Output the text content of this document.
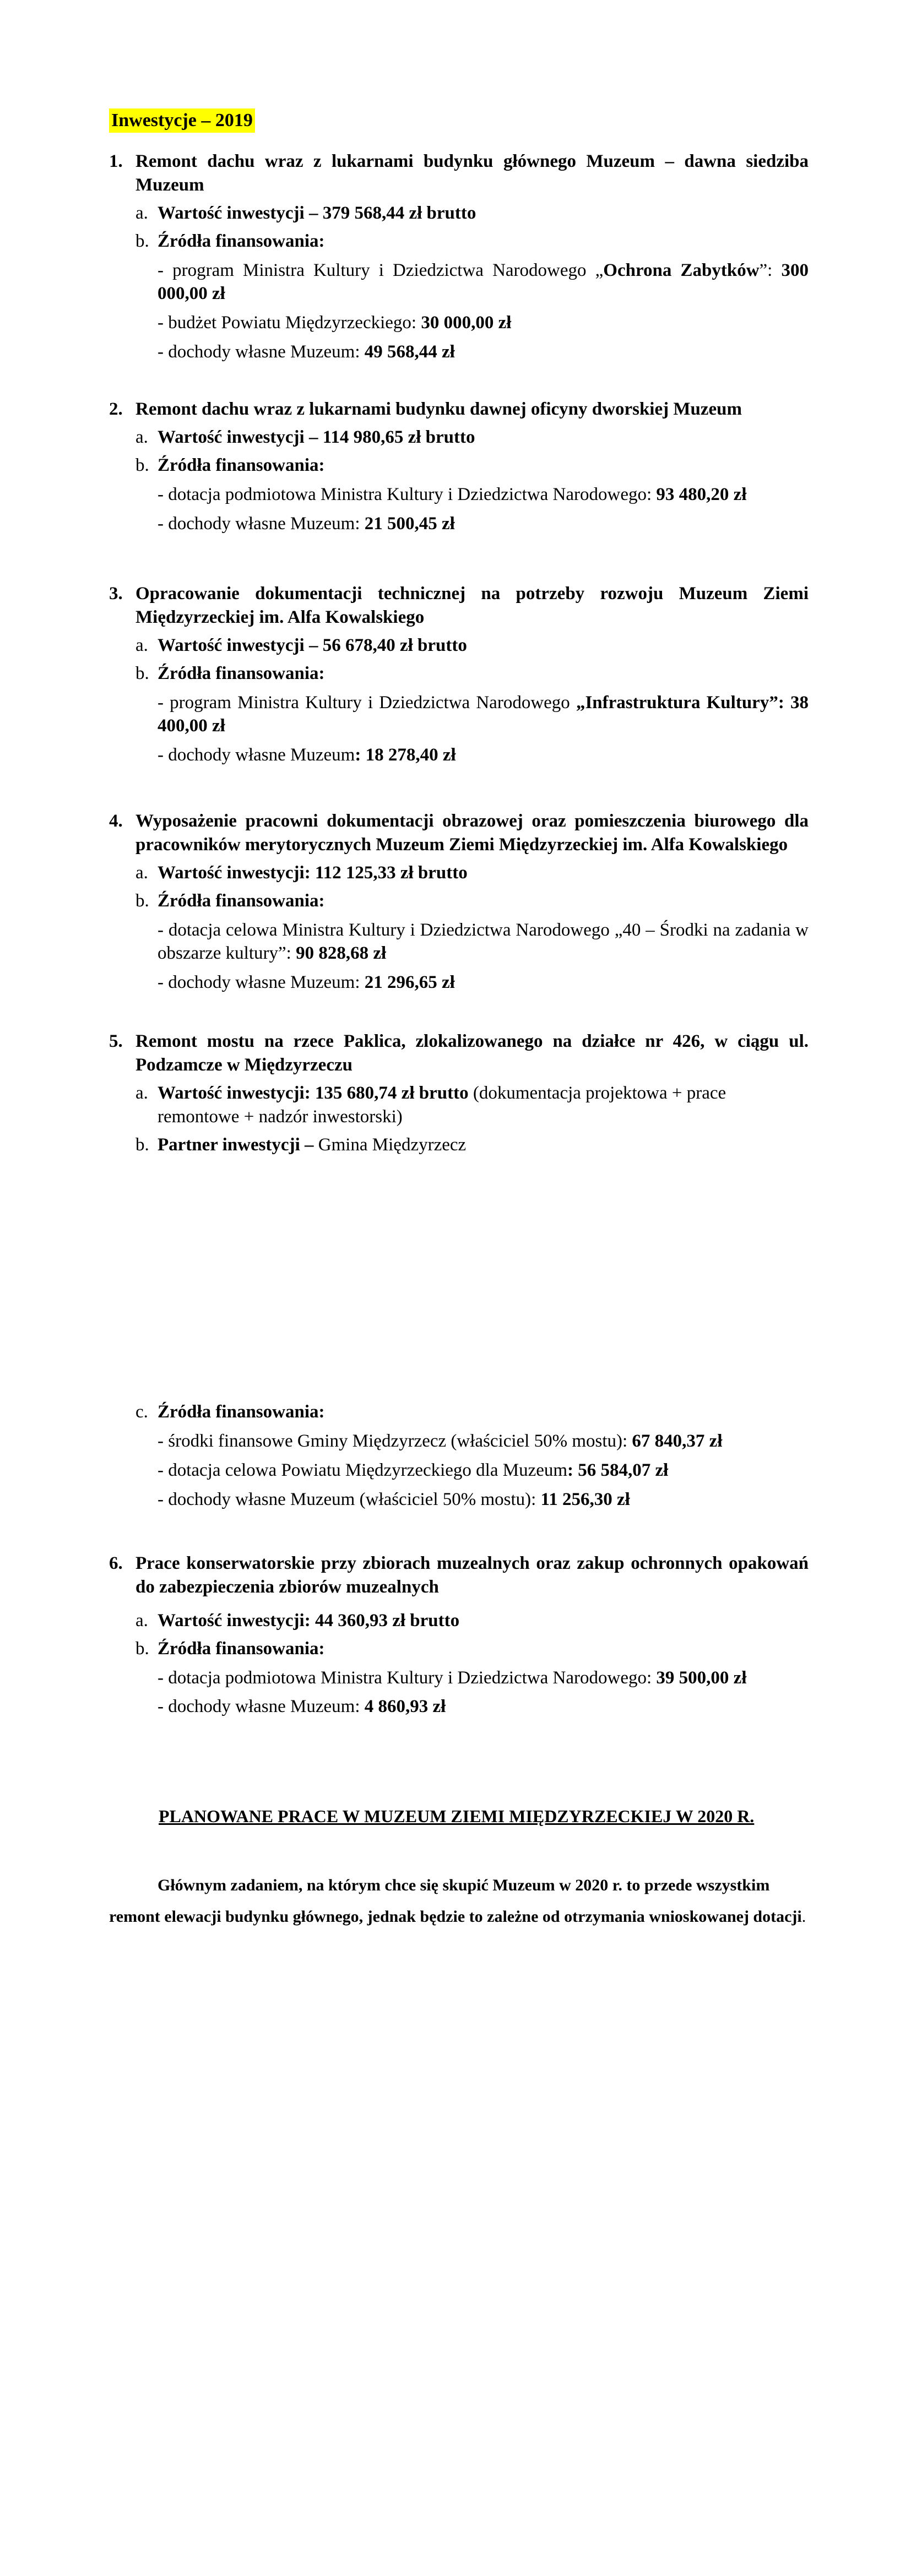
Inwestycje – 2019
1. Remont dachu wraz z lukarnami budynku głównego Muzeum – dawna siedziba Muzeum
a. Wartość inwestycji – 379 568,44 zł brutto
b. Źródła finansowania:
- program Ministra Kultury i Dziedzictwa Narodowego „Ochrona Zabytków”: 300 000,00 zł
- budżet Powiatu Międzyrzeckiego: 30 000,00 zł
- dochody własne Muzeum: 49 568,44 zł
2. Remont dachu wraz z lukarnami budynku dawnej oficyny dworskiej Muzeum
a. Wartość inwestycji – 114 980,65 zł brutto
b. Źródła finansowania:
- dotacja podmiotowa Ministra Kultury i Dziedzictwa Narodowego: 93 480,20 zł
- dochody własne Muzeum: 21 500,45 zł
3. Opracowanie dokumentacji technicznej na potrzeby rozwoju Muzeum Ziemi Międzyrzeckiej im. Alfa Kowalskiego
a. Wartość inwestycji – 56 678,40 zł brutto
b. Źródła finansowania:
- program Ministra Kultury i Dziedzictwa Narodowego „Infrastruktura Kultury”: 38 400,00 zł
- dochody własne Muzeum: 18 278,40 zł
4. Wyposażenie pracowni dokumentacji obrazowej oraz pomieszczenia biurowego dla pracowników merytorycznych Muzeum Ziemi Międzyrzeckiej im. Alfa Kowalskiego
a. Wartość inwestycji: 112 125,33 zł brutto
b. Źródła finansowania:
- dotacja celowa Ministra Kultury i Dziedzictwa Narodowego „40 – Środki na zadania w obszarze kultury”: 90 828,68 zł
- dochody własne Muzeum: 21 296,65 zł
5. Remont mostu na rzece Paklica, zlokalizowanego na działce nr 426, w ciągu ul. Podzamcze w Międzyrzeczu
a. Wartość inwestycji: 135 680,74 zł brutto (dokumentacja projektowa + prace remontowe + nadzór inwestorski)
b. Partner inwestycji – Gmina Międzyrzecz
c. Źródła finansowania:
- środki finansowe Gminy Międzyrzecz (właściciel 50% mostu): 67 840,37 zł
- dotacja celowa Powiatu Międzyrzeckiego dla Muzeum: 56 584,07 zł
- dochody własne Muzeum (właściciel 50% mostu): 11 256,30 zł
6. Prace konserwatorskie przy zbiorach muzealnych oraz zakup ochronnych opakowań do zabezpieczenia zbiorów muzealnych
a. Wartość inwestycji: 44 360,93 zł brutto
b. Źródła finansowania:
- dotacja podmiotowa Ministra Kultury i Dziedzictwa Narodowego: 39 500,00 zł
- dochody własne Muzeum: 4 860,93 zł
PLANOWANE PRACE W MUZEUM ZIEMI MIĘDZYRZECKIEJ W 2020 R.
Głównym zadaniem, na którym chce się skupić Muzeum w 2020 r. to przede wszystkim remont elewacji budynku głównego, jednak będzie to zależne od otrzymania wnioskowanej dotacji.
